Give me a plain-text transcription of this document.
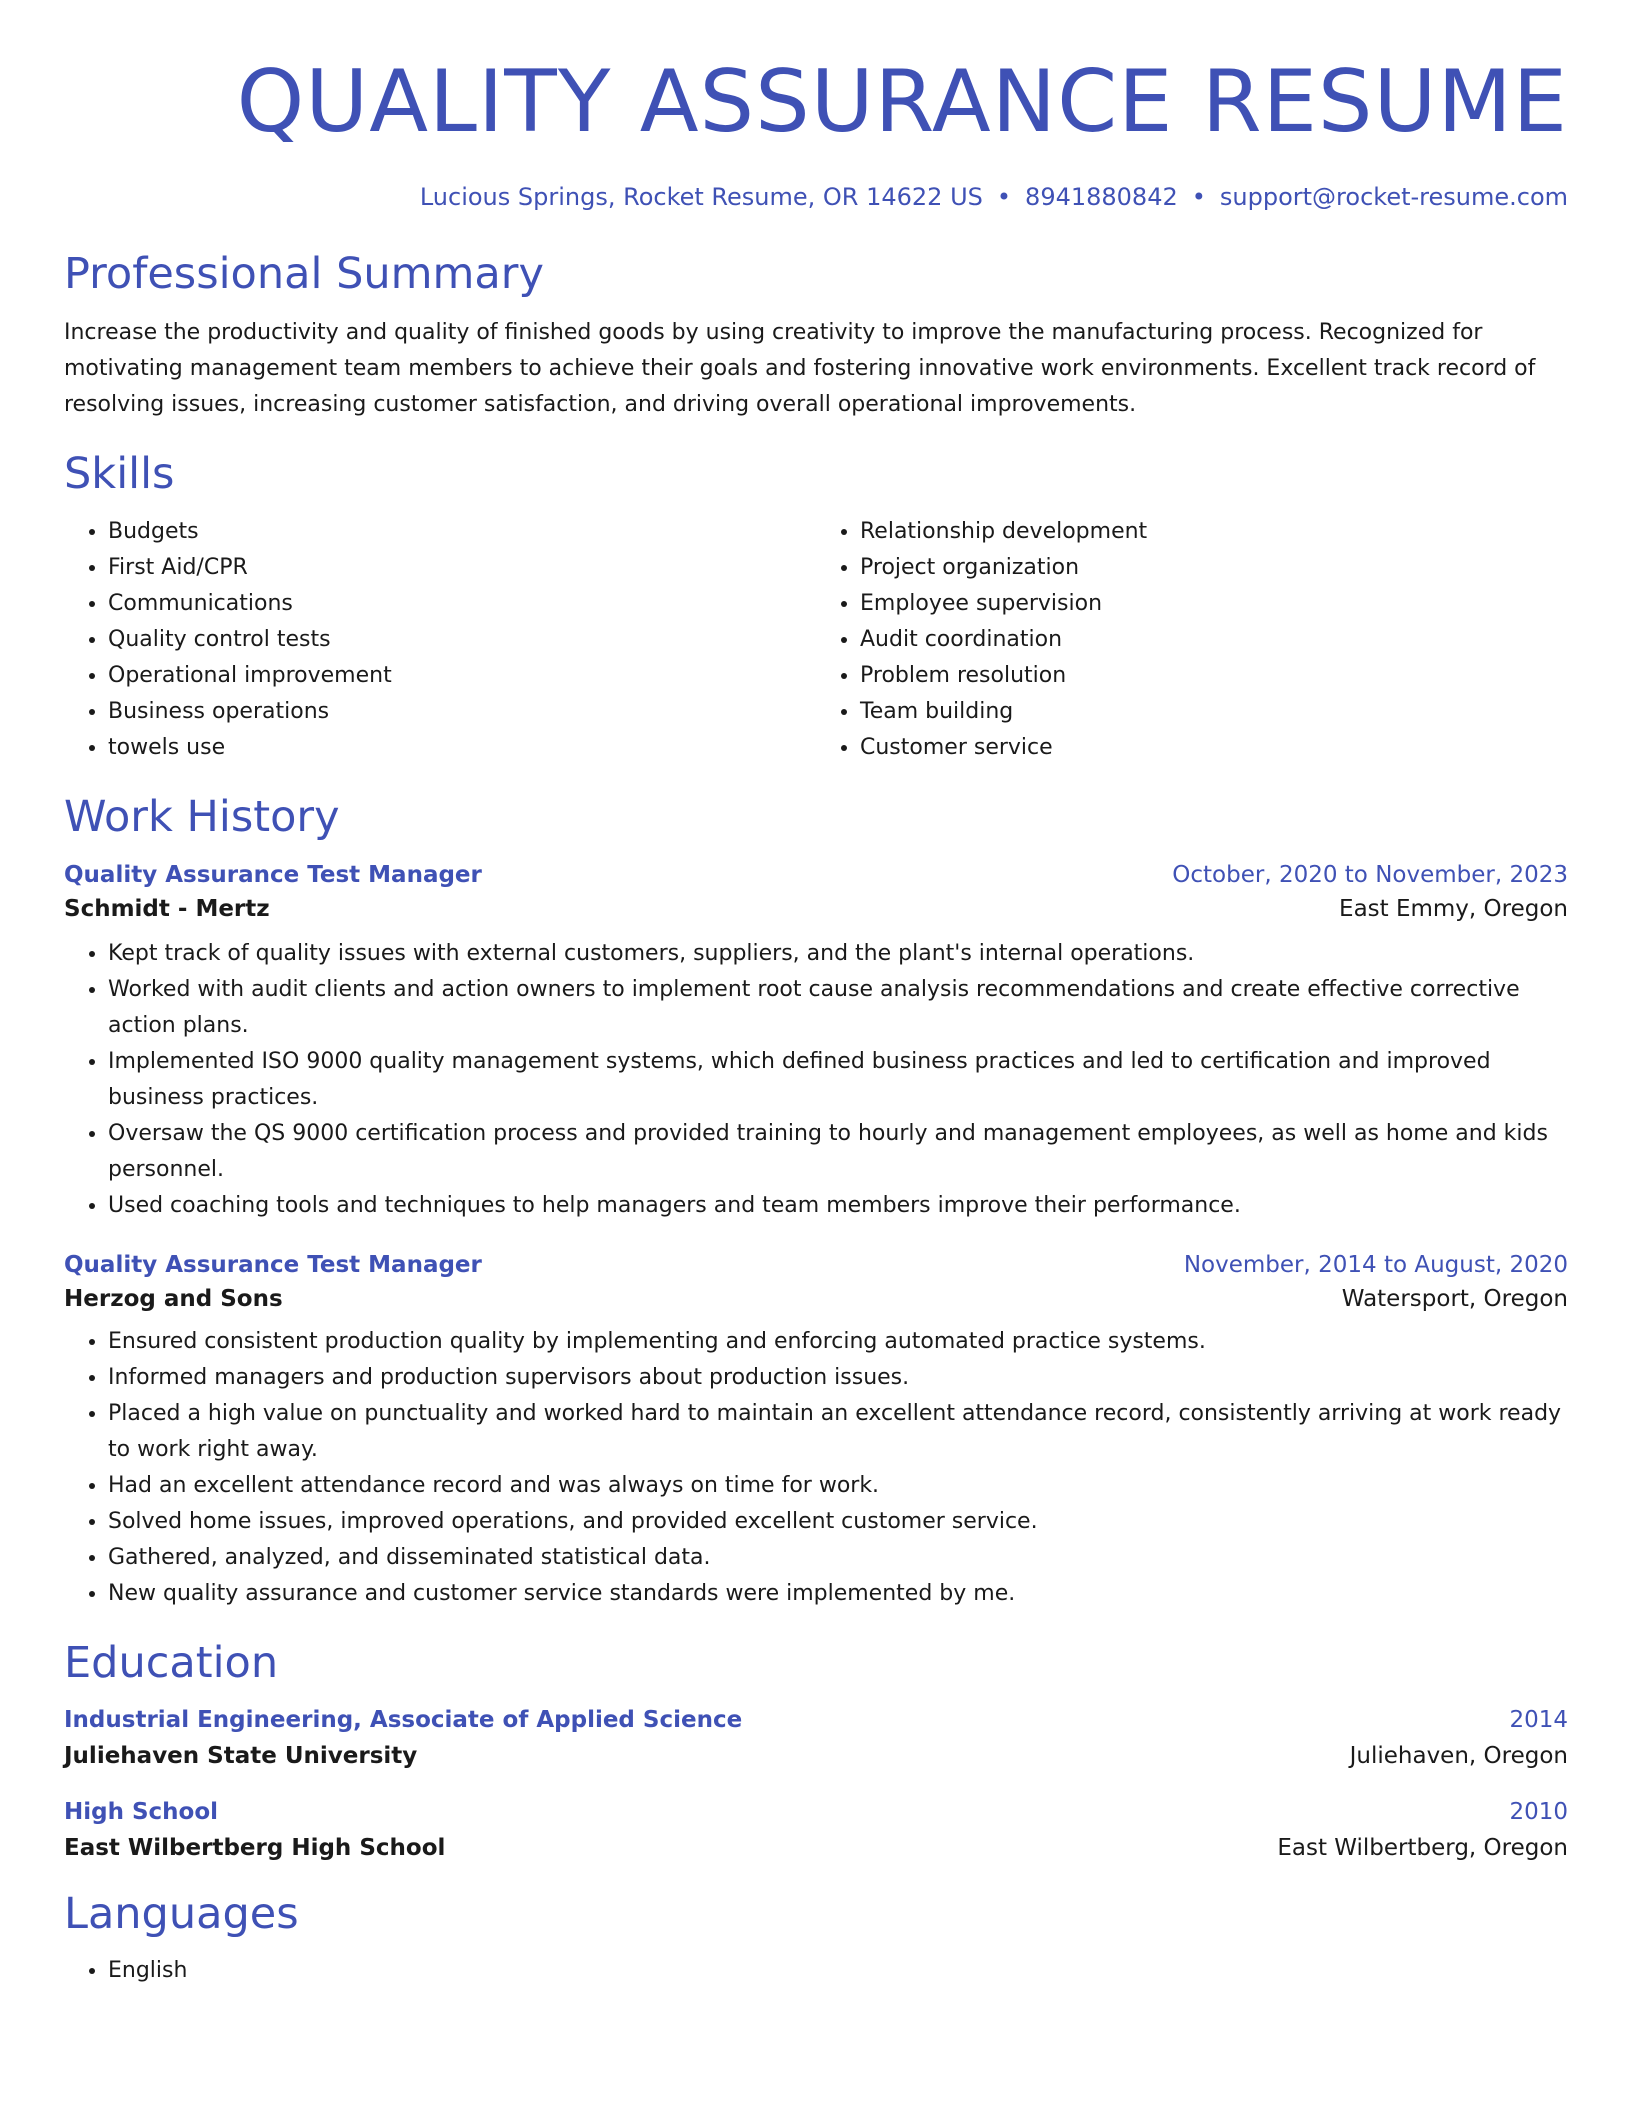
QUALITY ASSURANCE RESUME
Lucious Springs, Rocket Resume, OR 14622 US • 8941880842 • support@rocket-resume.com
Professional Summary

Increase the productivity and quality of finished goods by using creativity to improve the manufacturing process. Recognized for motivating management team members to achieve their goals and fostering innovative work environments. Excellent track record of resolving issues, increasing customer satisfaction, and driving overall operational improvements.

Skills
• Budgets
• First Aid/CPR
• Communications
• Quality control tests
• Operational improvement
• Business operations
• towels use
• Relationship development
• Project organization
• Employee supervision
• Audit coordination
• Problem resolution
• Team building
• Customer service
Work History
Quality Assurance Test Manager	October, 2020 to November, 2023
Schmidt - Mertz	East Emmy, Oregon
• Kept track of quality issues with external customers, suppliers, and the plant's internal operations.
• Worked with audit clients and action owners to implement root cause analysis recommendations and create effective corrective action plans.
• Implemented ISO 9000 quality management systems, which defined business practices and led to certification and improved business practices.
• Oversaw the QS 9000 certification process and provided training to hourly and management employees, as well as home and kids personnel.
• Used coaching tools and techniques to help managers and team members improve their performance.
Quality Assurance Test Manager	November, 2014 to August, 2020
Herzog and Sons	Watersport, Oregon
• Ensured consistent production quality by implementing and enforcing automated practice systems.
• Informed managers and production supervisors about production issues.
• Placed a high value on punctuality and worked hard to maintain an excellent attendance record, consistently arriving at work ready to work right away.
• Had an excellent attendance record and was always on time for work.
• Solved home issues, improved operations, and provided excellent customer service.
• Gathered, analyzed, and disseminated statistical data.
• New quality assurance and customer service standards were implemented by me.
Education
Industrial Engineering, Associate of Applied Science	2014
Juliehaven State University	Juliehaven, Oregon
High School	2010
East Wilbertberg High School	East Wilbertberg, Oregon
Languages
• English
